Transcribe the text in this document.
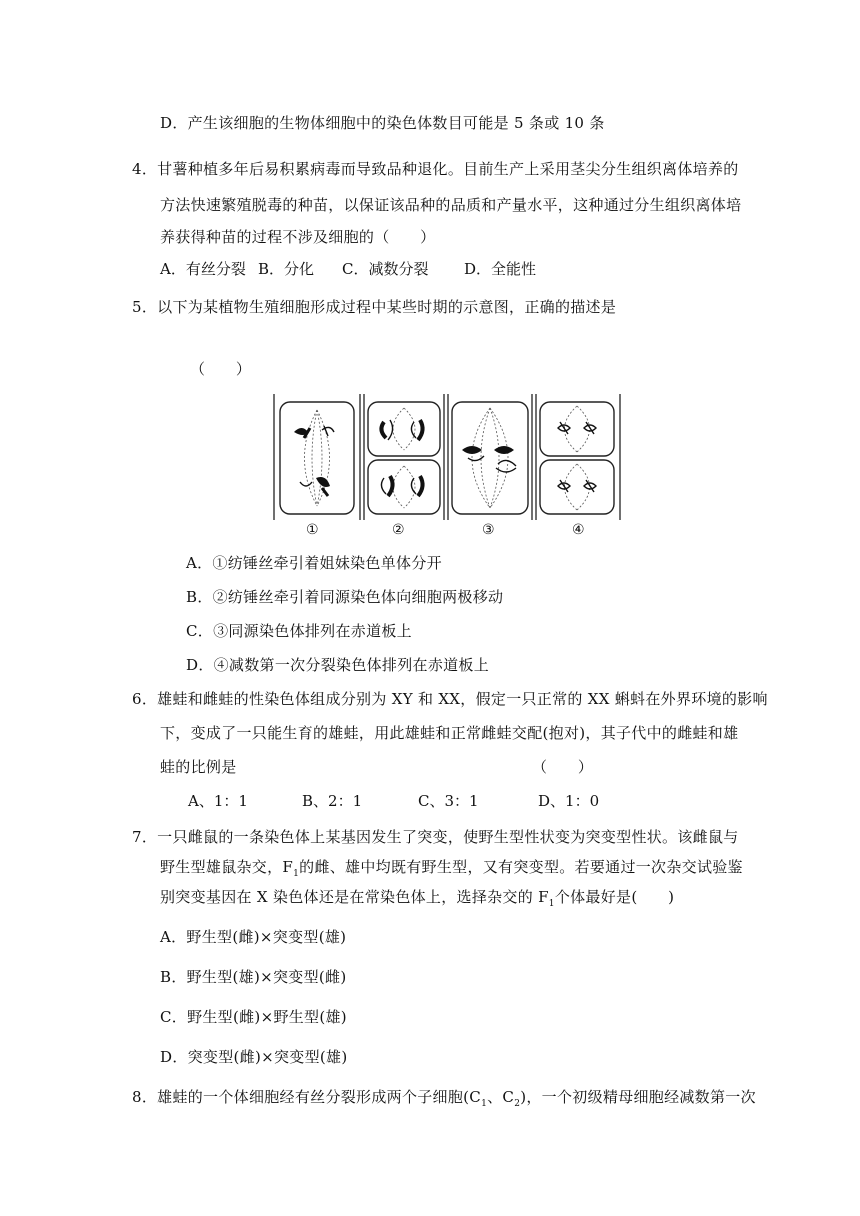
D．产生该细胞的生物体细胞中的染色体数目可能是 5 条或 10 条
4．甘薯种植多年后易积累病毒而导致品种退化。目前生产上采用茎尖分生组织离体培养的
方法快速繁殖脱毒的种苗，以保证该品种的品质和产量水平，这种通过分生组织离体培
养获得种苗的过程不涉及细胞的（　　）
A．有丝分裂 B．分化 C．减数分裂 D．全能性
5．以下为某植物生殖细胞形成过程中某些时期的示意图，正确的描述是
（　　）
①	②	③	④
A．①纺锤丝牵引着姐妹染色单体分开
B．②纺锤丝牵引着同源染色体向细胞两极移动
C．③同源染色体排列在赤道板上
D．④减数第一次分裂染色体排列在赤道板上
6．雄蛙和雌蛙的性染色体组成分别为 XY 和 XX，假定一只正常的 XX 蝌蚪在外界环境的影响
下，变成了一只能生育的雄蛙，用此雄蛙和正常雌蛙交配(抱对)，其子代中的雌蛙和雄
蛙的比例是	（　　）
A、1：1	B、2：1	C、3：1	D、1：0
7．一只雌鼠的一条染色体上某基因发生了突变，使野生型性状变为突变型性状。该雌鼠与
野生型雄鼠杂交，$F_1$的雌、雄中均既有野生型，又有突变型。若要通过一次杂交试验鉴
别突变基因在 X 染色体还是在常染色体上，选择杂交的 $F_1$个体最好是(　　)
A．野生型(雌)×突变型(雄)
B．野生型(雄)×突变型(雌)
C．野生型(雌)×野生型(雄)
D．突变型(雌)×突变型(雄)
8．雄蛙的一个体细胞经有丝分裂形成两个子细胞($C_1$、$C_2$)，一个初级精母细胞经减数第一次
